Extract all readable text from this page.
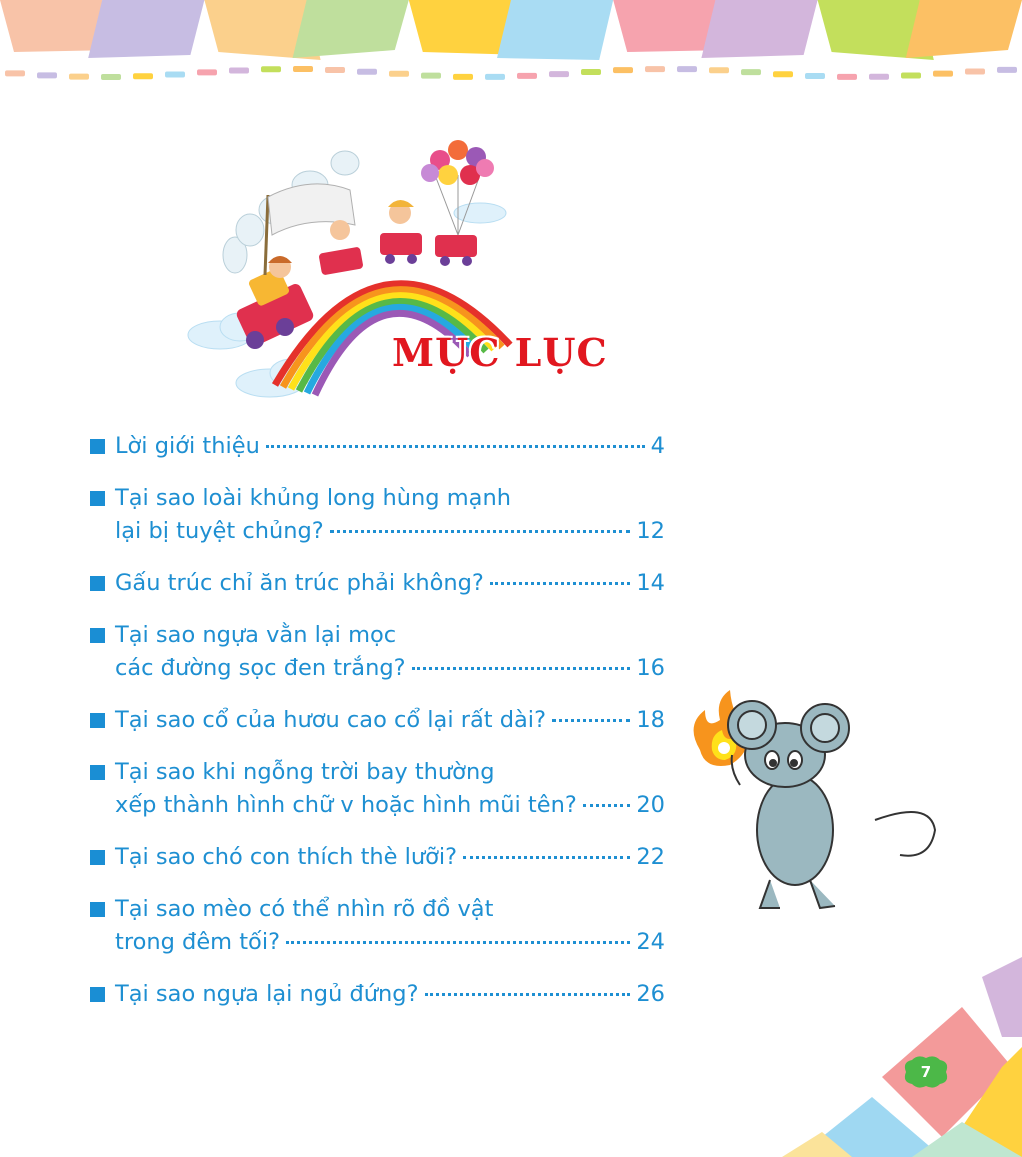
MỤC LỤC
Lời giới thiệu	4
Tại sao loài khủng long hùng mạnh
lại bị tuyệt chủng?	12
Gấu trúc chỉ ăn trúc phải không?	14
Tại sao ngựa vằn lại mọc
các đường sọc đen trắng?	16
Tại sao cổ của hươu cao cổ lại rất dài?	18
Tại sao khi ngỗng trời bay thường
xếp thành hình chữ v hoặc hình mũi tên?	20
Tại sao chó con thích thè lưỡi?	22
Tại sao mèo có thể nhìn rõ đồ vật
trong đêm tối?	24
Tại sao ngựa lại ngủ đứng?	26
7
